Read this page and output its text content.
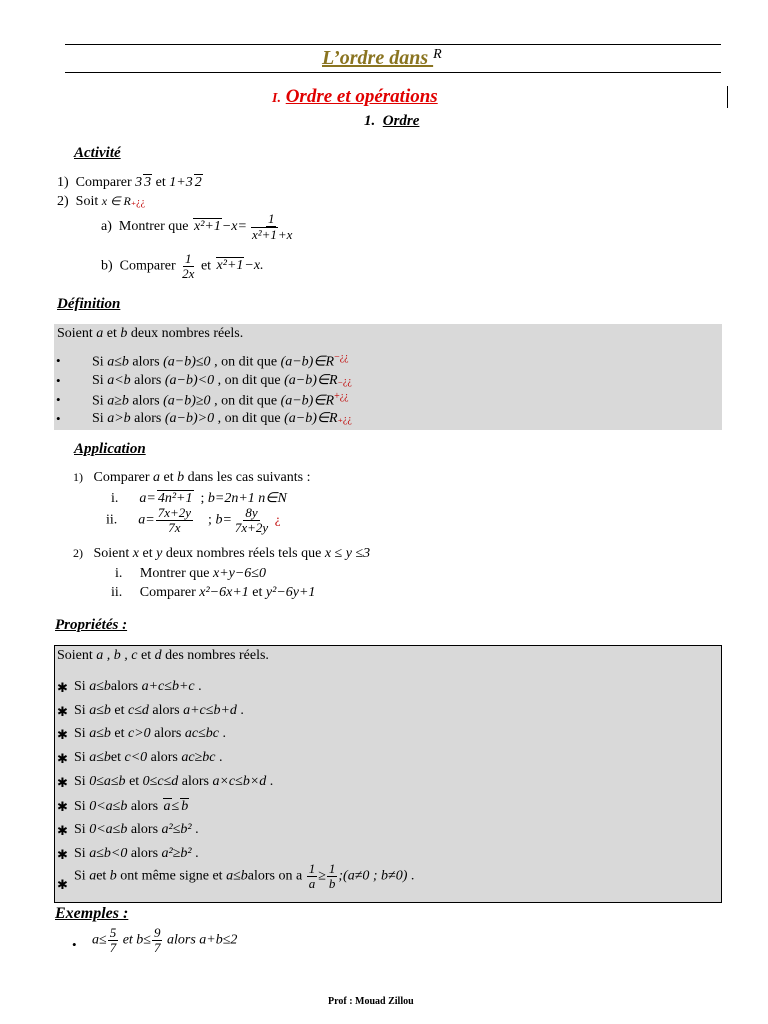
L’ordre dans R
I. Ordre et opérations
1. Ordre
Activité
1) Comparer 3 3 et 1+3 2
2) Soit x ∈ R₊¿¿
a) Montrer que $x^2+1-x= \frac{1}{\text{x²+1+x}}$
b) Comparer $\frac{1}{2x}$ et x²+1−x.
Définition
Soient a et b deux nombres réels.
• Si a≤b alors (a−b)≤0 , on dit que (a−b)∈R−¿¿
• Si a<b alors (a−b)<0 , on dit que (a−b)∈R₋¿¿
• Si a≥b alors (a−b)≥0 , on dit que (a−b)∈R+¿¿
• Si a>b alors (a−b)>0 , on dit que (a−b)∈R₊¿¿
Application
1)   Comparer a et b dans les cas suivants :
i. a= 4n²+1  ; b=2n+1 n∈N
ii. $a= \frac{7x+2y}{7x}$ ; $b= \frac{8y}{7x+2y}$ ¿
2)   Soient x et y deux nombres réels tels que x ≤ y ≤3
i.     Montrer que x+y−6≤0
ii.     Comparer x²−6x+1 et y²−6y+1
Propriétés :
Soient a , b , c et d des nombres réels.
✱ Si a≤balors a+c≤b+c .
✱ Si a≤b et c≤d alors a+c≤b+d .
✱ Si a≤b et c>0 alors ac≤bc .
✱ Si a≤bet c<0 alors ac≥bc .
✱ Si 0≤a≤b et 0≤c≤d alors a×c≤b×d .
✱ Si 0<a≤b alors a≤ b
✱ Si 0<a≤b alors a²≤b² .
✱ Si a≤b<0 alors a²≥b² .
✱
Si aet b ont même signe et a≤balors on a $\frac{1}{a} \ge \frac{1}{b}$ ;(a≠0 ; b≠0) .
Exemples :
• $a\le \frac{5}{7}$ et $b\le \frac{9}{7}$ alors a+b≤2
Prof : Mouad Zillou
